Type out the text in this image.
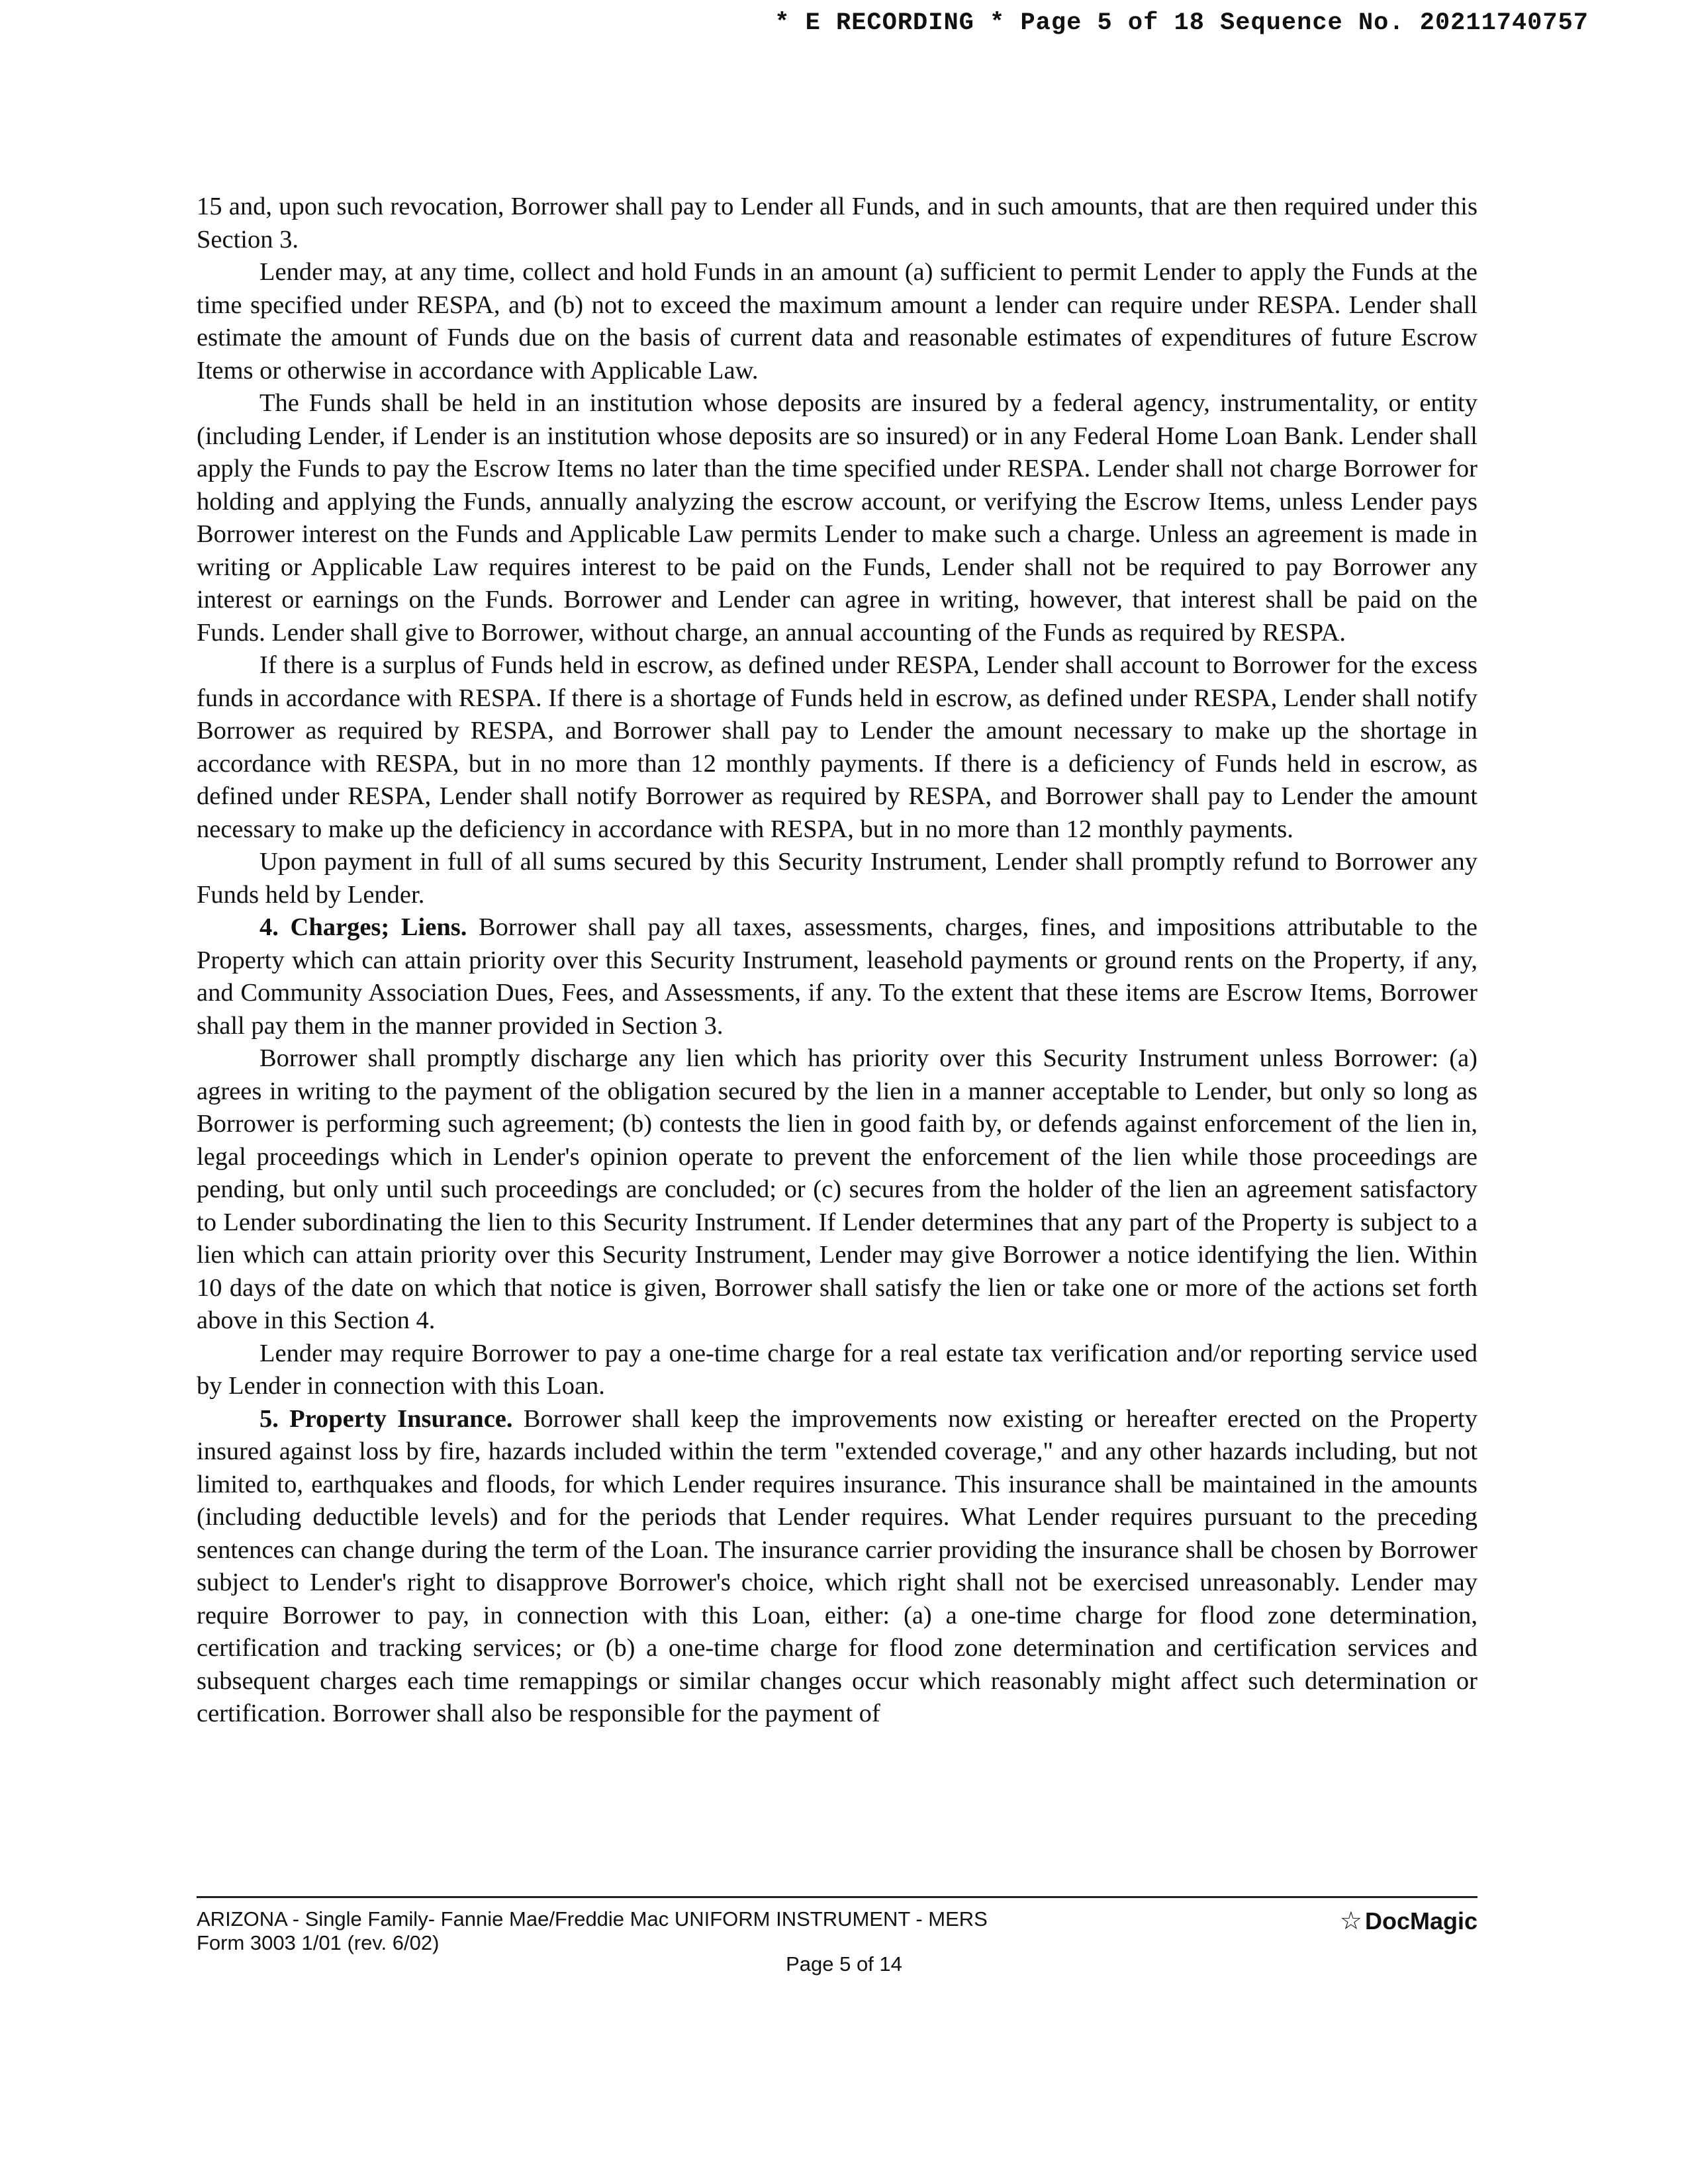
* E RECORDING * Page 5 of 18 Sequence No. 20211740757

15 and, upon such revocation, Borrower shall pay to Lender all Funds, and in such amounts, that are then required under this Section 3.

Lender may, at any time, collect and hold Funds in an amount (a) sufficient to permit Lender to apply the Funds at the time specified under RESPA, and (b) not to exceed the maximum amount a lender can require under RESPA. Lender shall estimate the amount of Funds due on the basis of current data and reasonable estimates of expenditures of future Escrow Items or otherwise in accordance with Applicable Law.

The Funds shall be held in an institution whose deposits are insured by a federal agency, instrumentality, or entity (including Lender, if Lender is an institution whose deposits are so insured) or in any Federal Home Loan Bank. Lender shall apply the Funds to pay the Escrow Items no later than the time specified under RESPA. Lender shall not charge Borrower for holding and applying the Funds, annually analyzing the escrow account, or verifying the Escrow Items, unless Lender pays Borrower interest on the Funds and Applicable Law permits Lender to make such a charge. Unless an agreement is made in writing or Applicable Law requires interest to be paid on the Funds, Lender shall not be required to pay Borrower any interest or earnings on the Funds. Borrower and Lender can agree in writing, however, that interest shall be paid on the Funds. Lender shall give to Borrower, without charge, an annual accounting of the Funds as required by RESPA.

If there is a surplus of Funds held in escrow, as defined under RESPA, Lender shall account to Borrower for the excess funds in accordance with RESPA. If there is a shortage of Funds held in escrow, as defined under RESPA, Lender shall notify Borrower as required by RESPA, and Borrower shall pay to Lender the amount necessary to make up the shortage in accordance with RESPA, but in no more than 12 monthly payments. If there is a deficiency of Funds held in escrow, as defined under RESPA, Lender shall notify Borrower as required by RESPA, and Borrower shall pay to Lender the amount necessary to make up the deficiency in accordance with RESPA, but in no more than 12 monthly payments.

Upon payment in full of all sums secured by this Security Instrument, Lender shall promptly refund to Borrower any Funds held by Lender.

4. Charges; Liens. Borrower shall pay all taxes, assessments, charges, fines, and impositions attributable to the Property which can attain priority over this Security Instrument, leasehold payments or ground rents on the Property, if any, and Community Association Dues, Fees, and Assessments, if any. To the extent that these items are Escrow Items, Borrower shall pay them in the manner provided in Section 3.

Borrower shall promptly discharge any lien which has priority over this Security Instrument unless Borrower: (a) agrees in writing to the payment of the obligation secured by the lien in a manner acceptable to Lender, but only so long as Borrower is performing such agreement; (b) contests the lien in good faith by, or defends against enforcement of the lien in, legal proceedings which in Lender's opinion operate to prevent the enforcement of the lien while those proceedings are pending, but only until such proceedings are concluded; or (c) secures from the holder of the lien an agreement satisfactory to Lender subordinating the lien to this Security Instrument. If Lender determines that any part of the Property is subject to a lien which can attain priority over this Security Instrument, Lender may give Borrower a notice identifying the lien. Within 10 days of the date on which that notice is given, Borrower shall satisfy the lien or take one or more of the actions set forth above in this Section 4.

Lender may require Borrower to pay a one-time charge for a real estate tax verification and/or reporting service used by Lender in connection with this Loan.

5. Property Insurance. Borrower shall keep the improvements now existing or hereafter erected on the Property insured against loss by fire, hazards included within the term "extended coverage," and any other hazards including, but not limited to, earthquakes and floods, for which Lender requires insurance. This insurance shall be maintained in the amounts (including deductible levels) and for the periods that Lender requires. What Lender requires pursuant to the preceding sentences can change during the term of the Loan. The insurance carrier providing the insurance shall be chosen by Borrower subject to Lender's right to disapprove Borrower's choice, which right shall not be exercised unreasonably. Lender may require Borrower to pay, in connection with this Loan, either: (a) a one-time charge for flood zone determination, certification and tracking services; or (b) a one-time charge for flood zone determination and certification services and subsequent charges each time remappings or similar changes occur which reasonably might affect such determination or certification. Borrower shall also be responsible for the payment of

ARIZONA - Single Family- Fannie Mae/Freddie Mac UNIFORM INSTRUMENT - MERS
Form 3003 1/01 (rev. 6/02)
Page 5 of 14
☆ DocMagic
